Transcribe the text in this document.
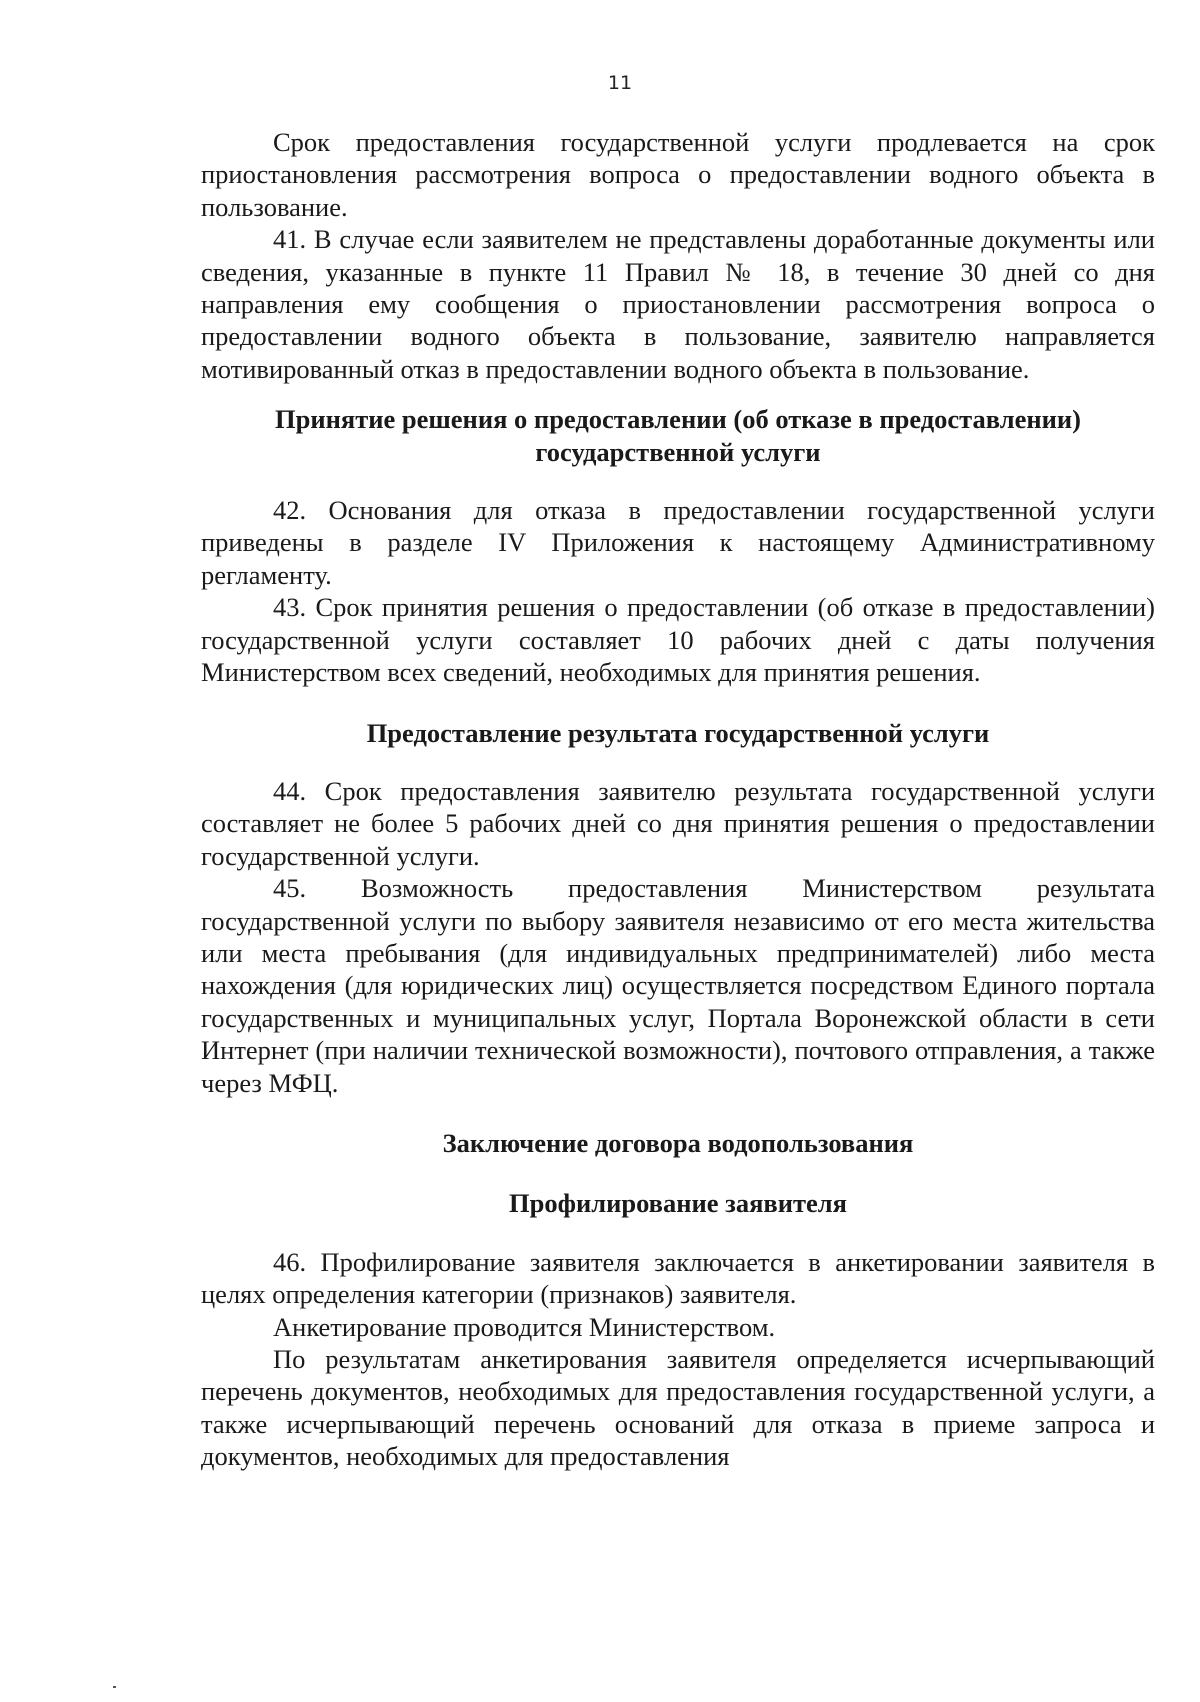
11

Срок предоставления государственной услуги продлевается на срок приостановления рассмотрения вопроса о предоставлении водного объекта в пользование.

41. В случае если заявителем не представлены доработанные документы или сведения, указанные в пункте 11 Правил № 18, в течение 30 дней со дня направления ему сообщения о приостановлении рассмотрения вопроса о предоставлении водного объекта в пользование, заявителю направляется мотивированный отказ в предоставлении водного объекта в пользование.

Принятие решения о предоставлении (об отказе в предоставлении) государственной услуги

42. Основания для отказа в предоставлении государственной услуги приведены в разделе IV Приложения к настоящему Административному регламенту.

43. Срок принятия решения о предоставлении (об отказе в предоставлении) государственной услуги составляет 10 рабочих дней с даты получения Министерством всех сведений, необходимых для принятия решения.

Предоставление результата государственной услуги

44. Срок предоставления заявителю результата государственной услуги составляет не более 5 рабочих дней со дня принятия решения о предоставлении государственной услуги.

45. Возможность предоставления Министерством результата государственной услуги по выбору заявителя независимо от его места жительства или места пребывания (для индивидуальных предпринимателей) либо места нахождения (для юридических лиц) осуществляется посредством Единого портала государственных и муниципальных услуг, Портала Воронежской области в сети Интернет (при наличии технической возможности), почтового отправления, а также через МФЦ.

Заключение договора водопользования
Профилирование заявителя

46. Профилирование заявителя заключается в анкетировании заявителя в целях определения категории (признаков) заявителя.

Анкетирование проводится Министерством.

По результатам анкетирования заявителя определяется исчерпывающий перечень документов, необходимых для предоставления государственной услуги, а также исчерпывающий перечень оснований для отказа в приеме запроса и документов, необходимых для предоставления
